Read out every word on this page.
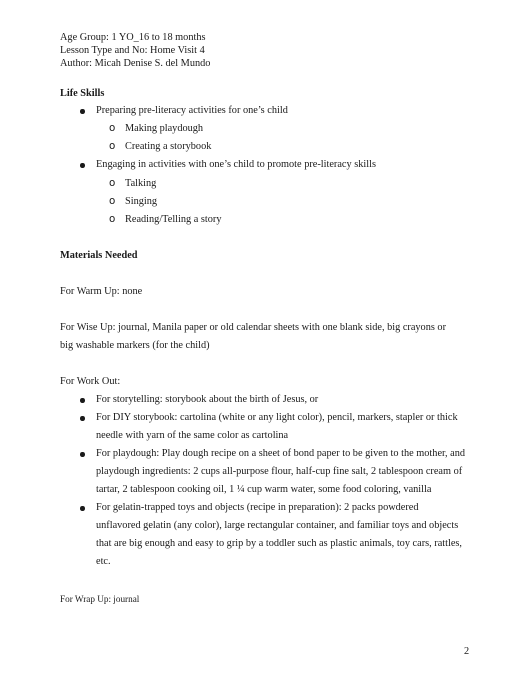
Age Group: 1 YO_16 to 18 months
Lesson Type and No: Home Visit 4
Author: Micah Denise S. del Mundo
Life Skills
Preparing pre-literacy activities for one’s child
o Making playdough
o Creating a storybook
Engaging in activities with one’s child to promote pre-literacy skills
o Talking
o Singing
o Reading/Telling a story
Materials Needed
For Warm Up: none
For Wise Up: journal, Manila paper or old calendar sheets with one blank side, big crayons or
big washable markers (for the child)
For Work Out:
For storytelling: storybook about the birth of Jesus, or
For DIY storybook: cartolina (white or any light color), pencil, markers, stapler or thick
needle with yarn of the same color as cartolina
For playdough: Play dough recipe on a sheet of bond paper to be given to the mother, and
playdough ingredients: 2 cups all-purpose flour, half-cup fine salt, 2 tablespoon cream of
tartar, 2 tablespoon cooking oil, 1 ¼ cup warm water, some food coloring, vanilla
For gelatin-trapped toys and objects (recipe in preparation): 2 packs powdered
unflavored gelatin (any color), large rectangular container, and familiar toys and objects
that are big enough and easy to grip by a toddler such as plastic animals, toy cars, rattles,
etc.
For Wrap Up: journal
2
